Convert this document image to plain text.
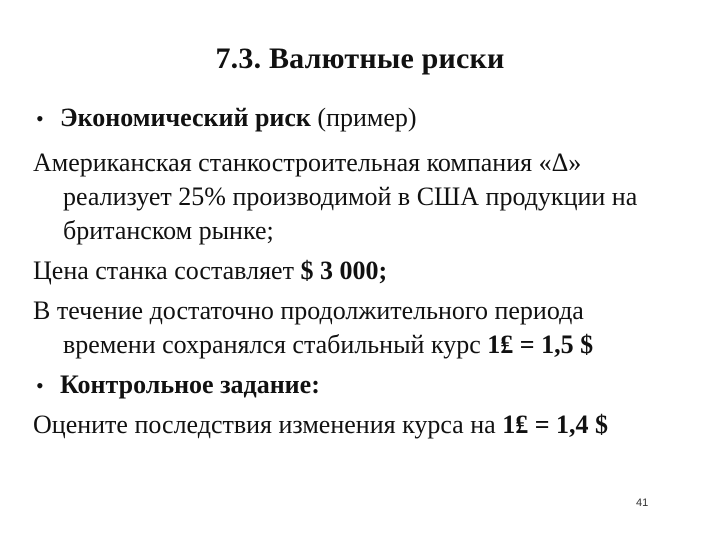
7.3. Валютные риски
• Экономический риск (пример)
Американская станкостроительная компания «Δ»
реализует 25% производимой в США продукции на
британском рынке;
Цена станка составляет $ 3 000;
В течение достаточно продолжительного периода
времени сохранялся стабильный курс 1₤ = 1,5 $
• Контрольное задание:
Оцените последствия изменения курса на 1₤ = 1,4 $
41
